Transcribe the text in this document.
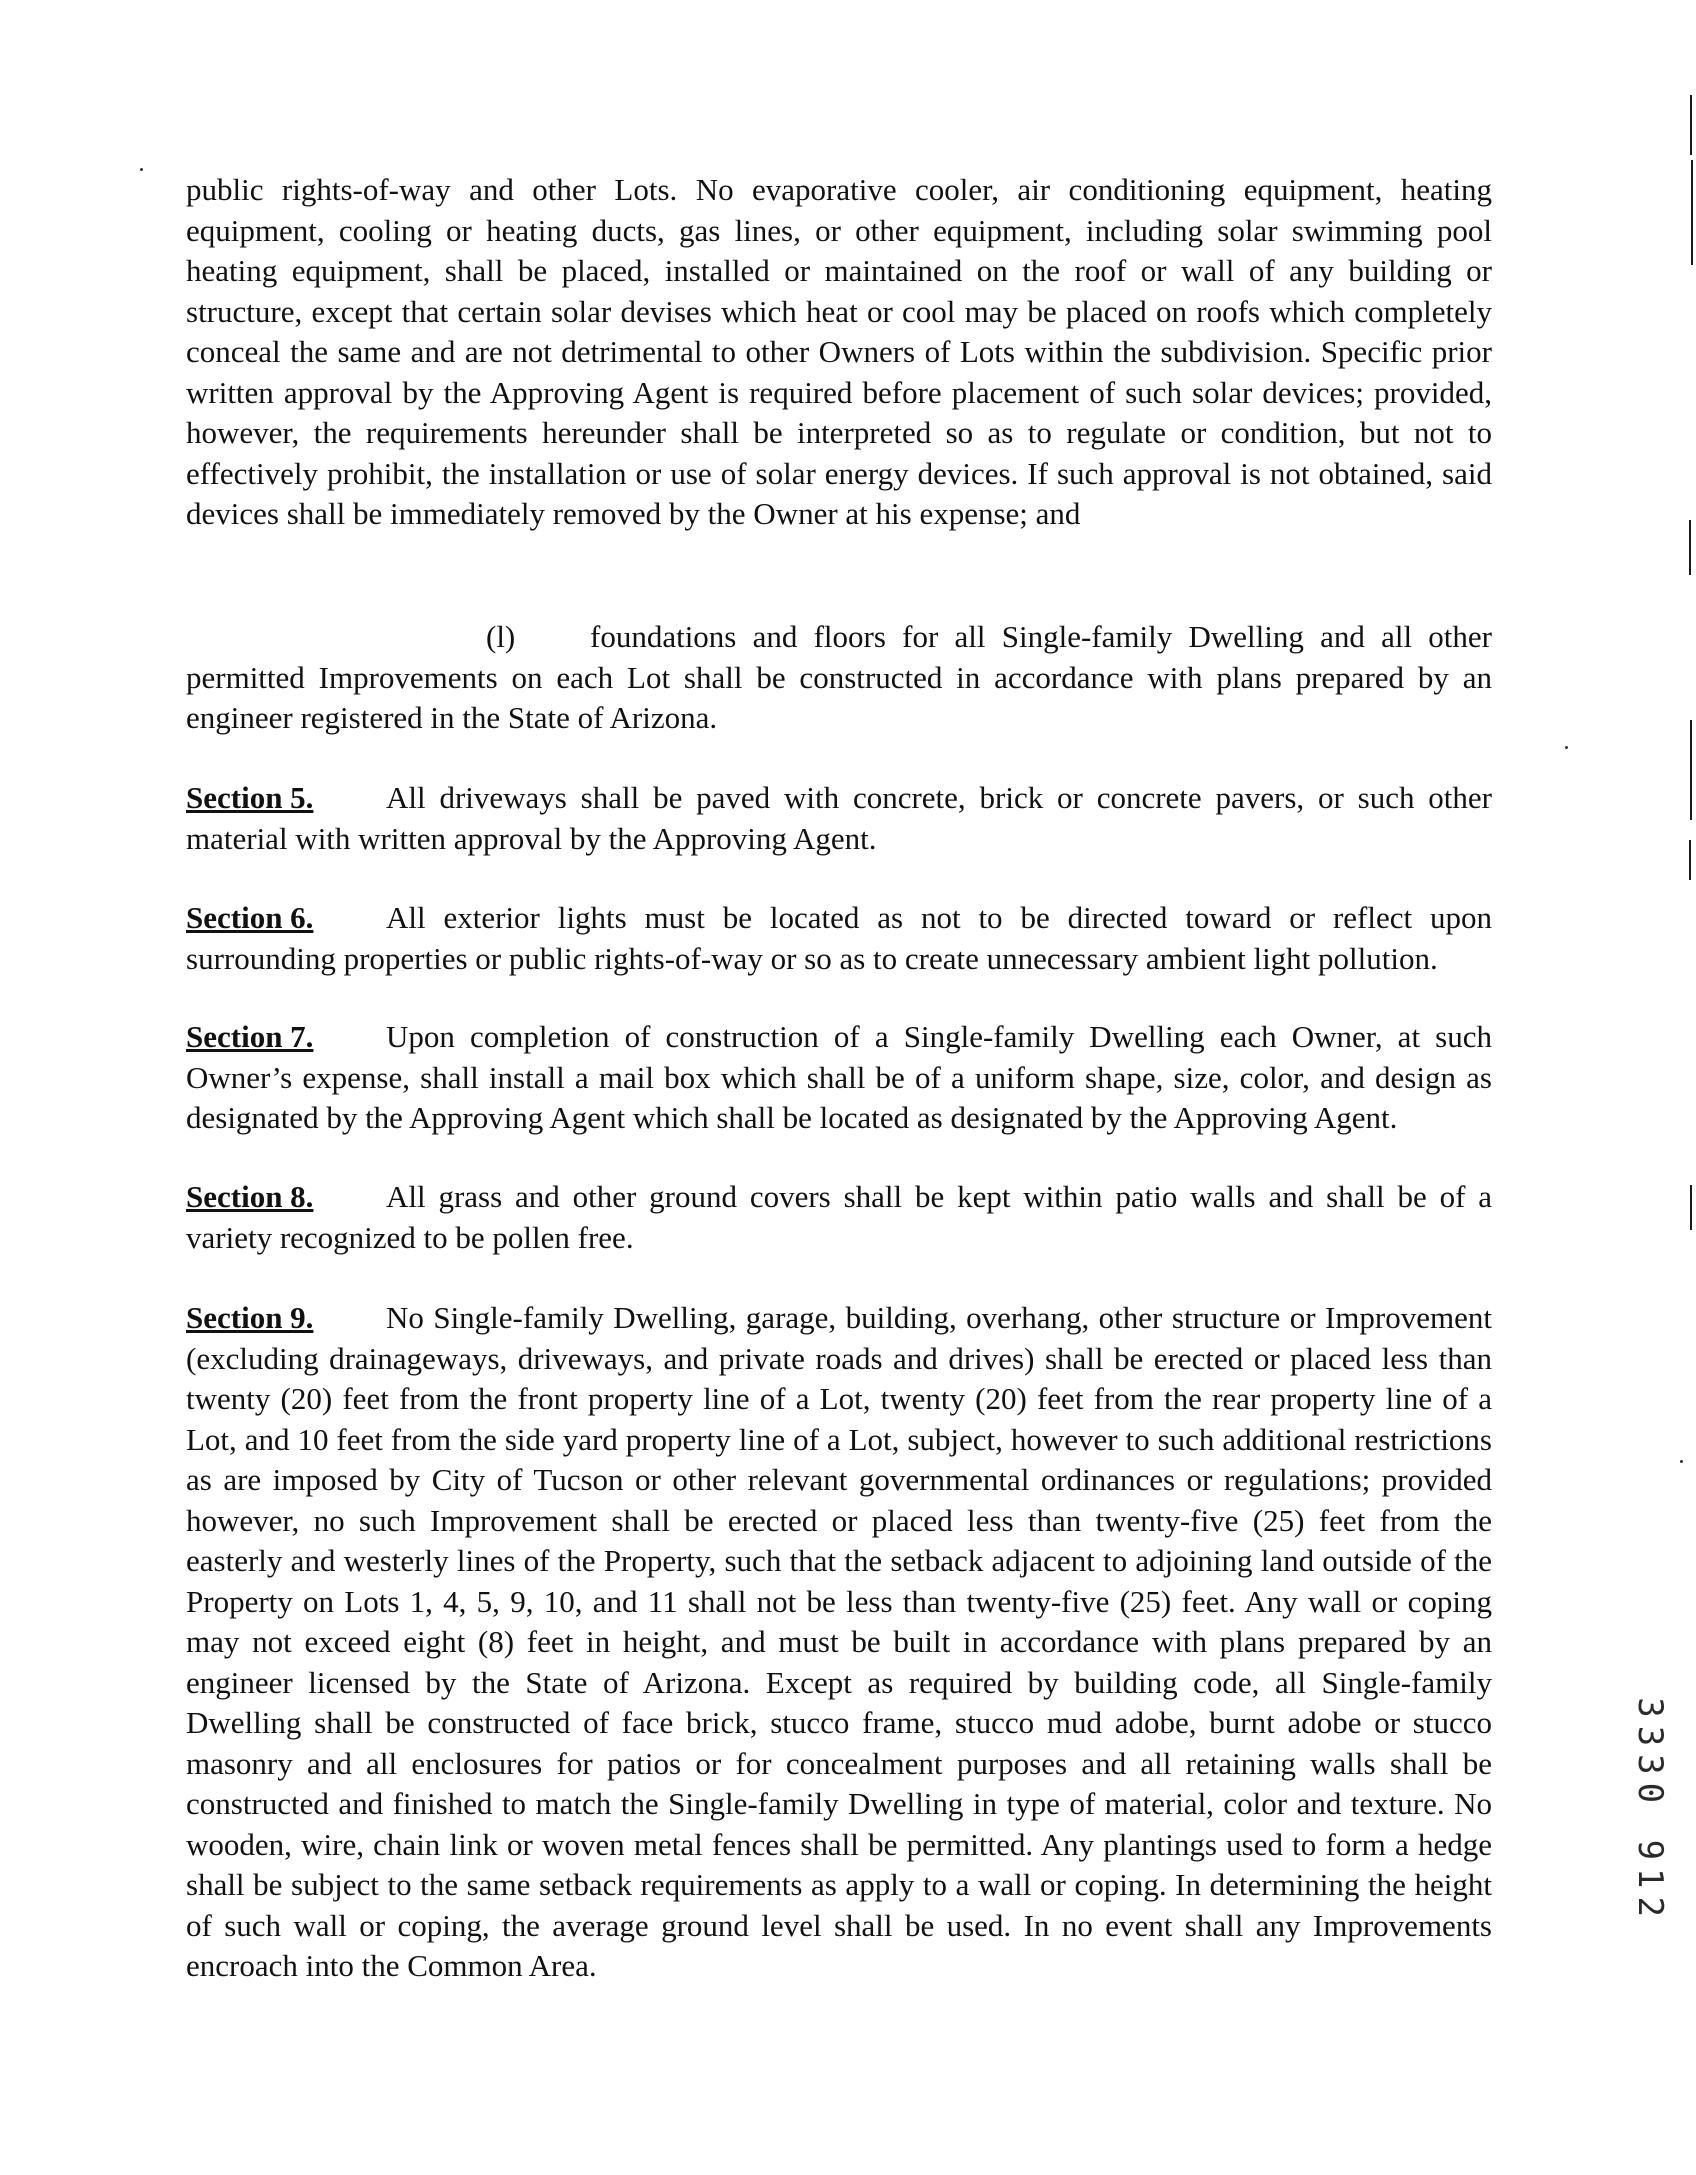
public rights-of-way and other Lots. No evaporative cooler, air conditioning equipment, heating equipment, cooling or heating ducts, gas lines, or other equipment, including solar swimming pool heating equipment, shall be placed, installed or maintained on the roof or wall of any building or structure, except that certain solar devises which heat or cool may be placed on roofs which completely conceal the same and are not detrimental to other Owners of Lots within the subdivision. Specific prior written approval by the Approving Agent is required before placement of such solar devices; provided, however, the requirements hereunder shall be interpreted so as to regulate or condition, but not to effectively prohibit, the installation or use of solar energy devices. If such approval is not obtained, said devices shall be immediately removed by the Owner at his expense; and
(l) foundations and floors for all Single-family Dwelling and all other permitted Improvements on each Lot shall be constructed in accordance with plans prepared by an engineer registered in the State of Arizona.
Section 5. All driveways shall be paved with concrete, brick or concrete pavers, or such other material with written approval by the Approving Agent.
Section 6. All exterior lights must be located as not to be directed toward or reflect upon surrounding properties or public rights-of-way or so as to create unnecessary ambient light pollution.
Section 7. Upon completion of construction of a Single-family Dwelling each Owner, at such Owner’s expense, shall install a mail box which shall be of a uniform shape, size, color, and design as designated by the Approving Agent which shall be located as designated by the Approving Agent.
Section 8. All grass and other ground covers shall be kept within patio walls and shall be of a variety recognized to be pollen free.
Section 9. No Single-family Dwelling, garage, building, overhang, other structure or Improvement (excluding drainageways, driveways, and private roads and drives) shall be erected or placed less than twenty (20) feet from the front property line of a Lot, twenty (20) feet from the rear property line of a Lot, and 10 feet from the side yard property line of a Lot, subject, however to such additional restrictions as are imposed by City of Tucson or other relevant governmental ordinances or regulations; provided however, no such Improvement shall be erected or placed less than twenty-five (25) feet from the easterly and westerly lines of the Property, such that the setback adjacent to adjoining land outside of the Property on Lots 1, 4, 5, 9, 10, and 11 shall not be less than twenty-five (25) feet. Any wall or coping may not exceed eight (8) feet in height, and must be built in accordance with plans prepared by an engineer licensed by the State of Arizona. Except as required by building code, all Single-family Dwelling shall be constructed of face brick, stucco frame, stucco mud adobe, burnt adobe or stucco masonry and all enclosures for patios or for concealment purposes and all retaining walls shall be constructed and finished to match the Single-family Dwelling in type of material, color and texture. No wooden, wire, chain link or woven metal fences shall be permitted. Any plantings used to form a hedge shall be subject to the same setback requirements as apply to a wall or coping. In determining the height of such wall or coping, the average ground level shall be used. In no event shall any Improvements encroach into the Common Area.
3330 912
